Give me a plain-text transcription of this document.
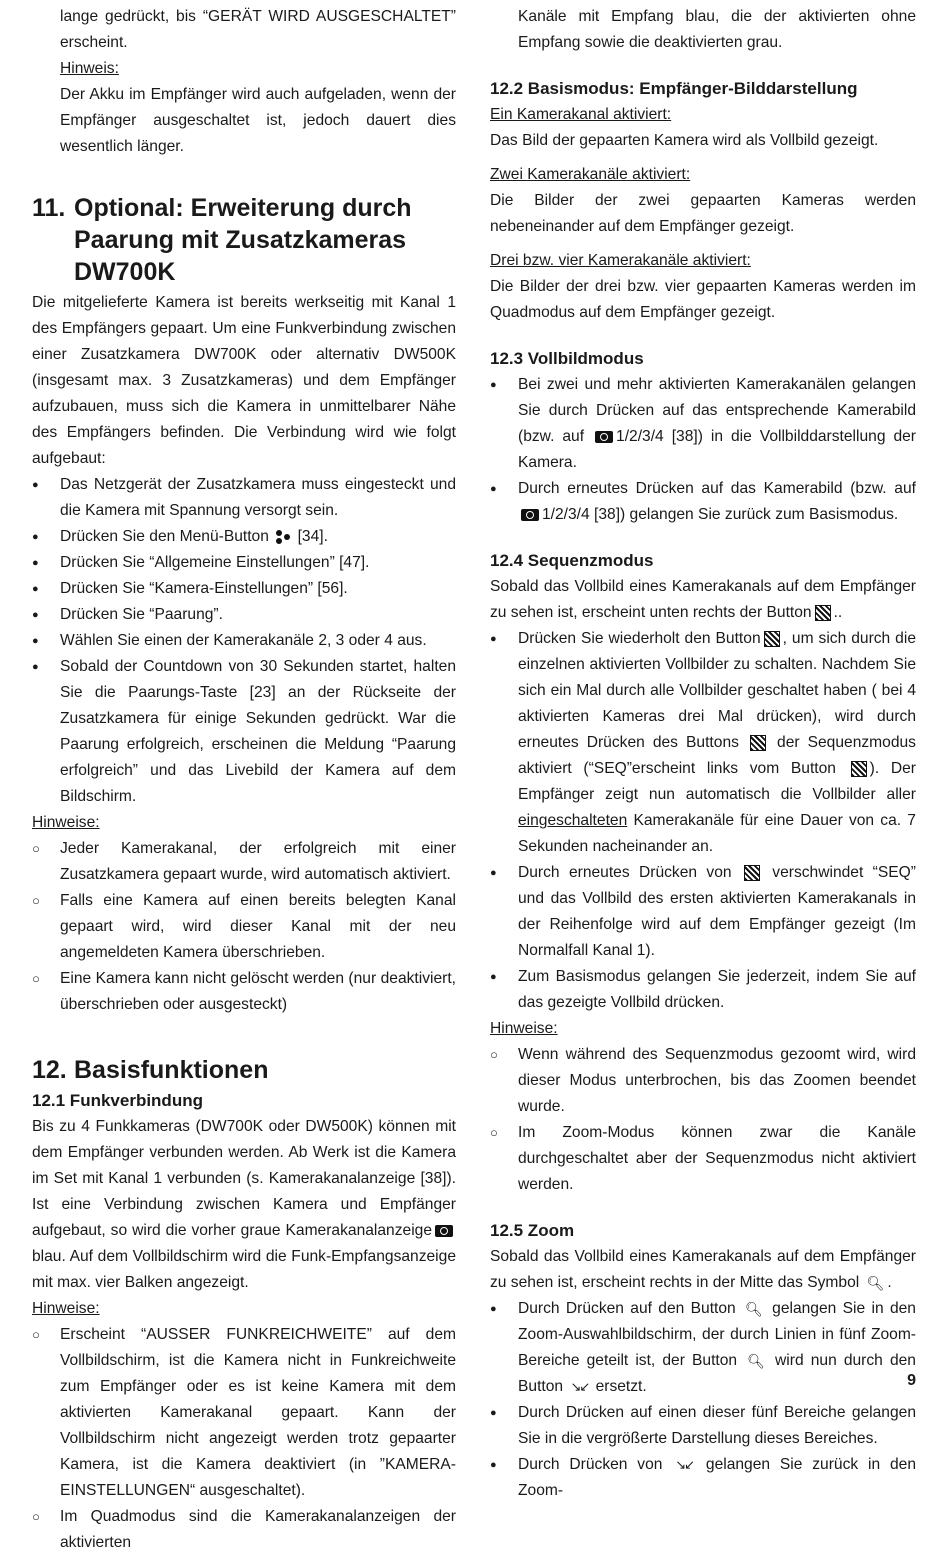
lange gedrückt, bis “GERÄT WIRD AUSGESCHALTET” erscheint.

Hinweis:

Der Akku im Empfänger wird auch aufgeladen, wenn der Empfänger ausgeschaltet ist, jedoch dauert dies wesentlich länger.

11. Optional: Erweiterung durch Paarung mit Zusatzkameras DW700K

Die mitgelieferte Kamera ist bereits werkseitig mit Kanal 1 des Empfängers gepaart. Um eine Funkverbindung zwischen einer Zusatzkamera DW700K oder alternativ DW500K (insgesamt max. 3 Zusatzkameras) und dem Empfänger aufzubauen, muss sich die Kamera in unmittelbarer Nähe des Empfängers befinden. Die Verbindung wird wie folgt aufgebaut:

● Das Netzgerät der Zusatzkamera muss eingesteckt und die Kamera mit Spannung versorgt sein.
● Drücken Sie den Menü-Button [34].
● Drücken Sie “Allgemeine Einstellungen” [47].
● Drücken Sie “Kamera-Einstellungen” [56].
● Drücken Sie “Paarung”.
● Wählen Sie einen der Kamerakanäle 2, 3 oder 4 aus.
● Sobald der Countdown von 30 Sekunden startet, halten Sie die Paarungs-Taste [23] an der Rückseite der Zusatzkamera für einige Sekunden gedrückt. War die Paarung erfolgreich, erscheinen die Meldung “Paarung erfolgreich” und das Livebild der Kamera auf dem Bildschirm.

Hinweise:

○ Jeder Kamerakanal, der erfolgreich mit einer Zusatzkamera gepaart wurde, wird automatisch aktiviert.
○ Falls eine Kamera auf einen bereits belegten Kanal gepaart wird, wird dieser Kanal mit der neu angemeldeten Kamera überschrieben.
○ Eine Kamera kann nicht gelöscht werden (nur deaktiviert, überschrieben oder ausgesteckt)
12. Basisfunktionen

12.1 Funkverbindung

Bis zu 4 Funkkameras (DW700K oder DW500K) können mit dem Empfänger verbunden werden. Ab Werk ist die Kamera im Set mit Kanal 1 verbunden (s. Kamerakanalanzeige [38]). Ist eine Verbindung zwischen Kamera und Empfänger aufgebaut, so wird die vorher graue Kamerakanalanzeigeblau. Auf dem Vollbildschirm wird die Funk-Empfangsanzeige mit max. vier Balken angezeigt.

Hinweise:

○ Erscheint “AUSSER FUNKREICHWEITE” auf dem Vollbildschirm, ist die Kamera nicht in Funkreichweite zum Empfänger oder es ist keine Kamera mit dem aktivierten Kamerakanal gepaart. Kann der Vollbildschirm nicht angezeigt werden trotz gepaarter Kamera, ist die Kamera deaktiviert (in ”KAMERA-EINSTELLUNGEN“ ausgeschaltet).
○ Im Quadmodus sind die Kamerakanalanzeigen der aktivierten

Kanäle mit Empfang blau, die der aktivierten ohne Empfang sowie die deaktivierten grau.

12.2 Basismodus: Empfänger-Bilddarstellung

Ein Kamerakanal aktiviert:

Das Bild der gepaarten Kamera wird als Vollbild gezeigt.

Zwei Kamerakanäle aktiviert:

Die Bilder der zwei gepaarten Kameras werden nebeneinander auf dem Empfänger gezeigt.

Drei bzw. vier Kamerakanäle aktiviert:

Die Bilder der drei bzw. vier gepaarten Kameras werden im Quadmodus auf dem Empfänger gezeigt.

12.3 Vollbildmodus

● Bei zwei und mehr aktivierten Kamerakanälen gelangen Sie durch Drücken auf das entsprechende Kamerabild (bzw. auf 1/2/3/4 [38]) in die Vollbilddarstellung der Kamera.
● Durch erneutes Drücken auf das Kamerabild (bzw. auf 1/2/3/4 [38]) gelangen Sie zurück zum Basismodus.

12.4 Sequenzmodus

Sobald das Vollbild eines Kamerakanals auf dem Empfänger zu sehen ist, erscheint unten rechts der Button ..

● Drücken Sie wiederholt den Button , um sich durch die einzelnen aktivierten Vollbilder zu schalten. Nachdem Sie sich ein Mal durch alle Vollbilder geschaltet haben ( bei 4 aktivierten Kameras drei Mal drücken), wird durch erneutes Drücken des Buttons der Sequenzmodus aktiviert (“SEQ”erscheint links vom Button ). Der Empfänger zeigt nun automatisch die Vollbilder aller eingeschalteten Kamerakanäle für eine Dauer von ca. 7 Sekunden nacheinander an.
● Durch erneutes Drücken von	verschwindet “SEQ” und das Vollbild des ersten aktivierten Kamerakanals in der Reihenfolge wird auf dem Empfänger gezeigt (Im Normalfall Kanal 1).
● Zum Basismodus gelangen Sie jederzeit, indem Sie auf das gezeigte Vollbild drücken.

Hinweise:

○ Wenn während des Sequenzmodus gezoomt wird, wird dieser Modus unterbrochen, bis das Zoomen beendet wurde.
○ Im Zoom-Modus können zwar die Kanäle durchgeschaltet aber der Sequenzmodus nicht aktiviert werden.

12.5 Zoom

Sobald das Vollbild eines Kamerakanals auf dem Empfänger zu sehen ist, erscheint rechts in der Mitte das Symbol 🔍︎ .

● Durch Drücken auf den Button 🔍︎ gelangen Sie in den Zoom-Auswahlbildschirm, der durch Linien in fünf Zoom-Bereiche geteilt ist, der Button 🔍︎ wird nun durch den Button ↘↙ ersetzt.
● Durch Drücken auf einen dieser fünf Bereiche gelangen Sie in die vergrößerte Darstellung dieses Bereiches.
● Durch Drücken von ↘↙ gelangen Sie zurück in den Zoom-
9
